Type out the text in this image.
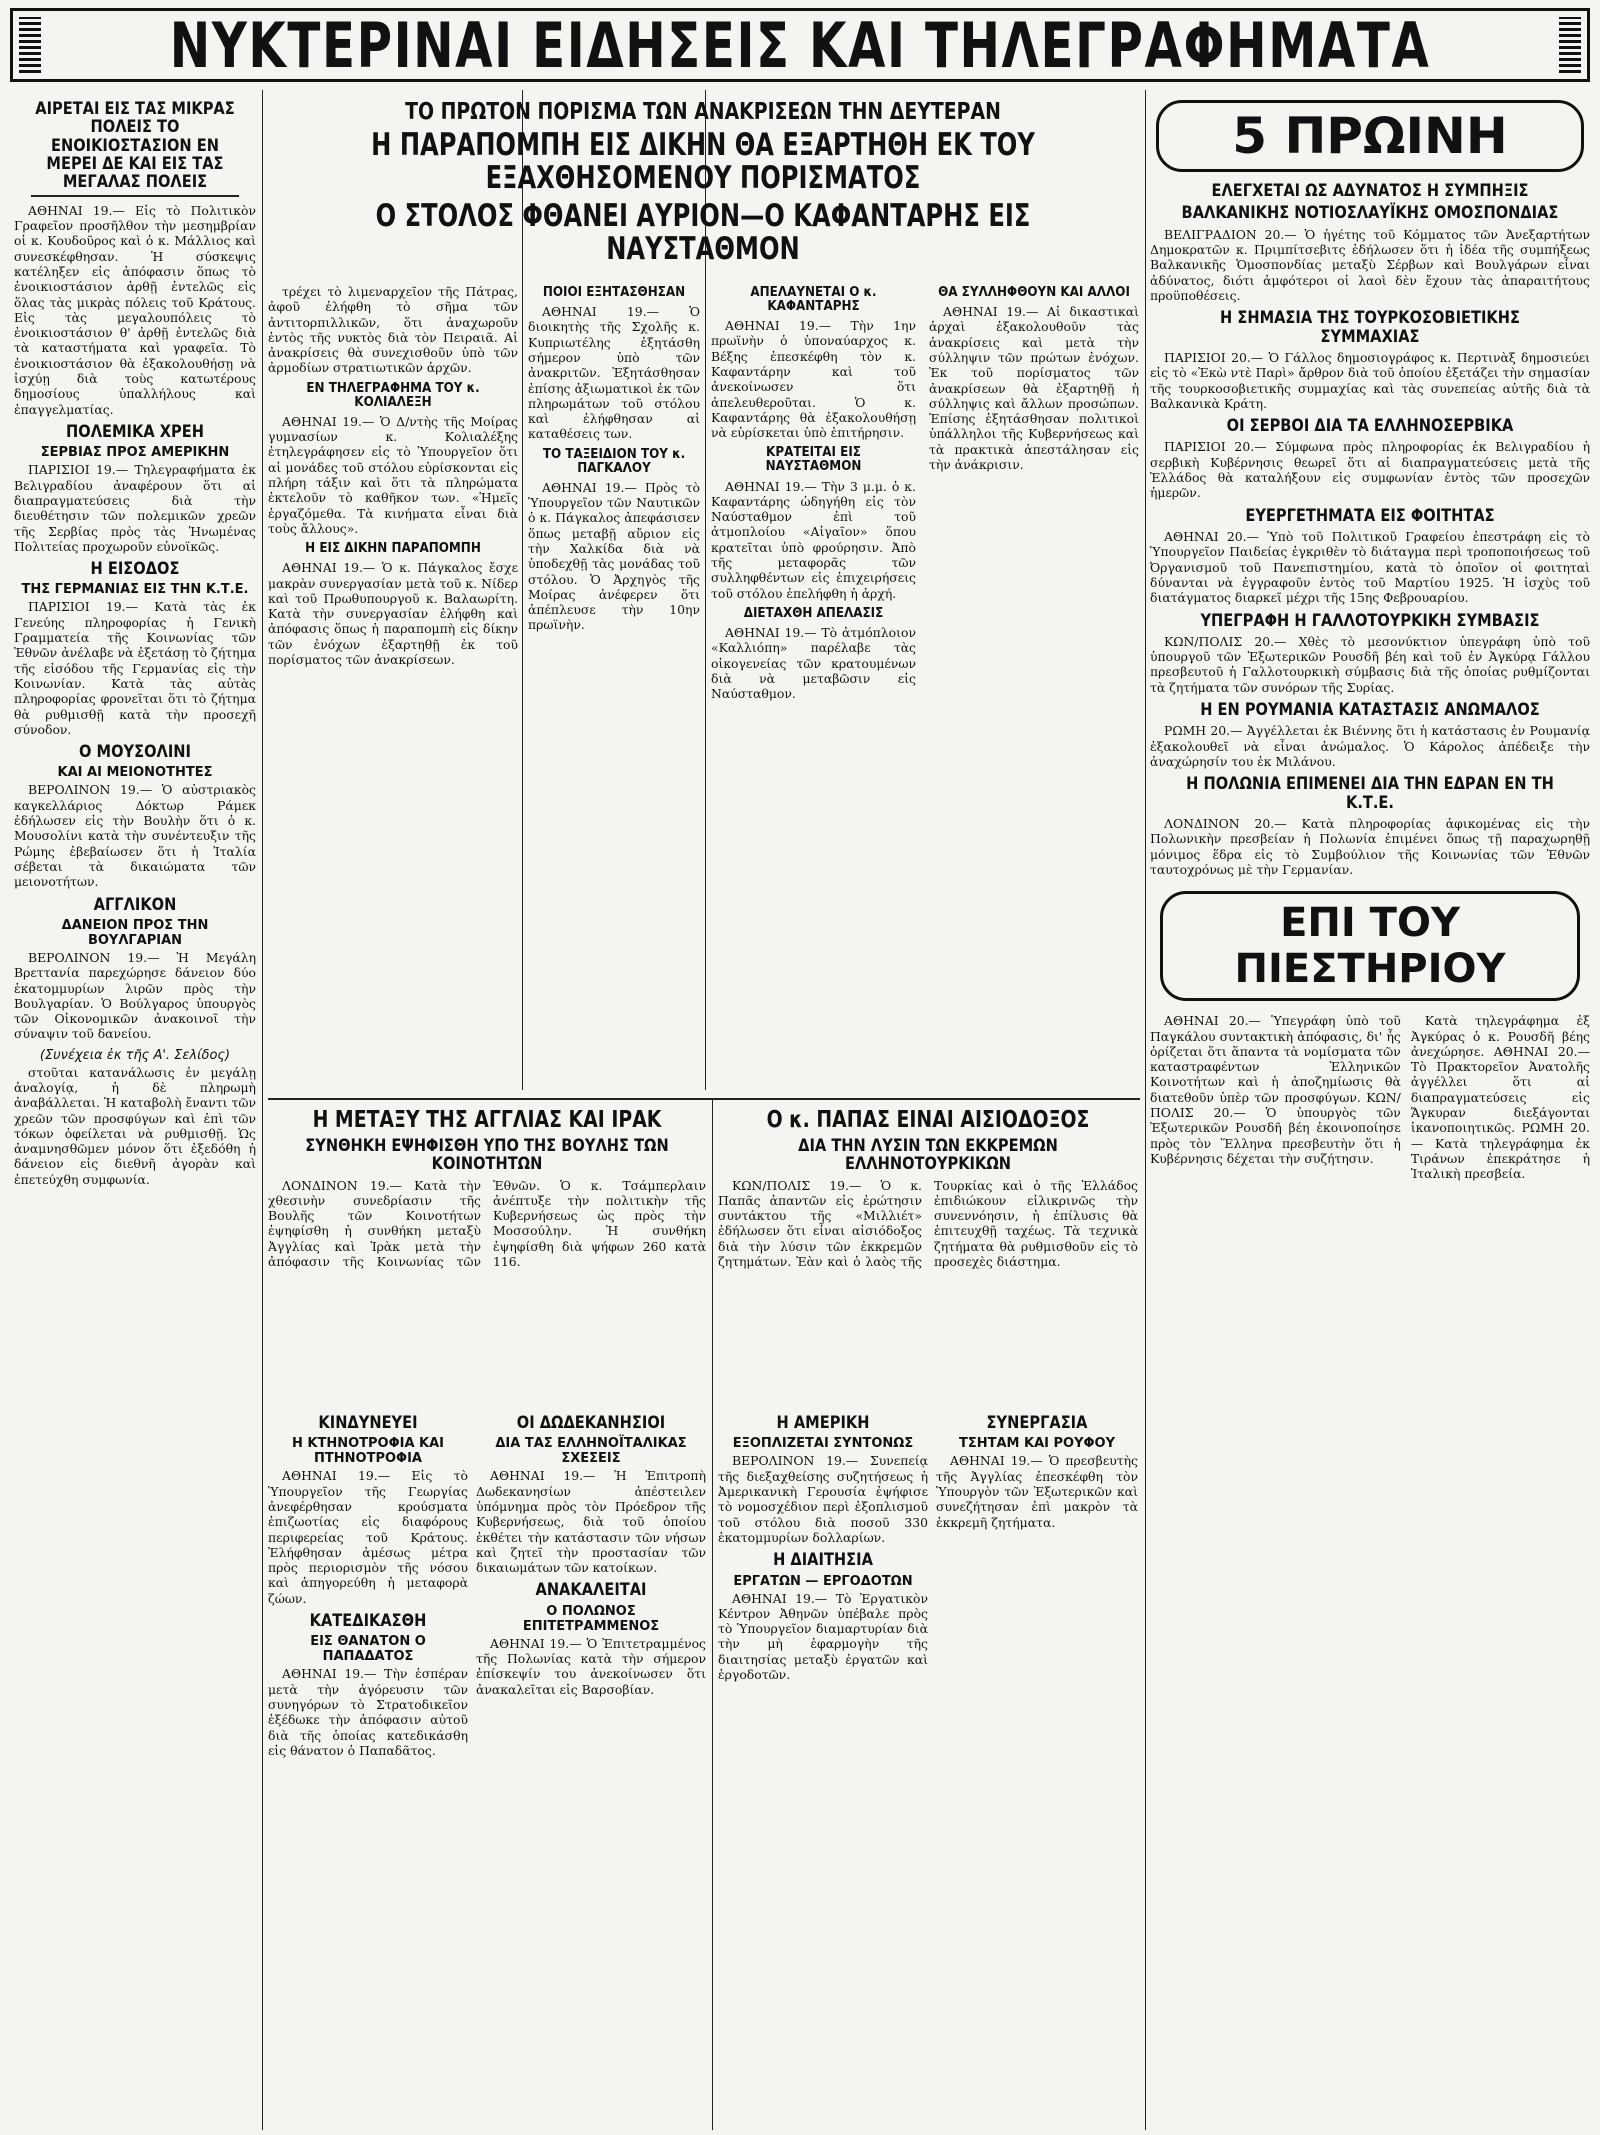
ΝΥΚΤΕΡΙΝΑΙ ΕΙΔΗΣΕΙΣ ΚΑΙ ΤΗΛΕΓΡΑΦΗΜΑΤΑ
ΑΙΡΕΤΑΙ ΕΙΣ ΤΑΣ ΜΙΚΡΑΣ ΠΟΛΕΙΣ ΤΟ ΕΝΟΙΚΙΟΣΤΑΣΙΟΝ ΕΝ ΜΕΡΕΙ ΔΕ ΚΑΙ ΕΙΣ ΤΑΣ ΜΕΓΑΛΑΣ ΠΟΛΕΙΣ

ΑΘΗΝΑΙ 19.— Εἰς τὸ Πολιτικὸν Γραφεῖον προσῆλθον τὴν μεσημβρίαν οἱ κ. Κουδοῦρος καὶ ὁ κ. Μάλλιος καὶ συνεσκέφθησαν. Ἡ σύσκεψις κατέληξεν εἰς ἀπόφασιν ὅπως τὸ ἐνοικιοστάσιον ἀρθῇ ἐντελῶς εἰς ὅλας τὰς μικρὰς πόλεις τοῦ Κράτους. Εἰς τὰς μεγαλουπόλεις τὸ ἐνοικιοστάσιον θ' ἀρθῇ ἐντελῶς διὰ τὰ καταστήματα καὶ γραφεῖα. Τὸ ἐνοικιοστάσιον θὰ ἐξακολουθήσῃ νὰ ἰσχύῃ διὰ τοὺς κατωτέρους δημοσίους ὑπαλλήλους καὶ ἐπαγγελματίας.

ΠΟΛΕΜΙΚΑ ΧΡΕΗ
ΣΕΡΒΙΑΣ ΠΡΟΣ ΑΜΕΡΙΚΗΝ

ΠΑΡΙΣΙΟΙ 19.— Τηλεγραφήματα ἐκ Βελιγραδίου ἀναφέρουν ὅτι αἱ διαπραγματεύσεις διὰ τὴν διευθέτησιν τῶν πολεμικῶν χρεῶν τῆς Σερβίας πρὸς τὰς Ἡνωμένας Πολιτείας προχωροῦν εὐνοϊκῶς.

Η ΕΙΣΟΔΟΣ
ΤΗΣ ΓΕΡΜΑΝΙΑΣ ΕΙΣ ΤΗΝ Κ.Τ.Ε.

ΠΑΡΙΣΙΟΙ 19.— Κατὰ τὰς ἐκ Γενεύης πληροφορίας ἡ Γενικὴ Γραμματεία τῆς Κοινωνίας τῶν Ἐθνῶν ἀνέλαβε νὰ ἐξετάσῃ τὸ ζήτημα τῆς εἰσόδου τῆς Γερμανίας εἰς τὴν Κοινωνίαν. Κατὰ τὰς αὐτὰς πληροφορίας φρονεῖται ὅτι τὸ ζήτημα θὰ ρυθμισθῇ κατὰ τὴν προσεχῆ σύνοδον.

Ο ΜΟΥΣΟΛΙΝΙ
ΚΑΙ ΑΙ ΜΕΙΟΝΟΤΗΤΕΣ

ΒΕΡΟΛΙΝΟΝ 19.— Ὁ αὐστριακὸς καγκελλάριος Δόκτωρ Ράμεκ ἐδήλωσεν εἰς τὴν Βουλὴν ὅτι ὁ κ. Μουσολίνι κατὰ τὴν συνέντευξιν τῆς Ρώμης ἐβεβαίωσεν ὅτι ἡ Ἰταλία σέβεται τὰ δικαιώματα τῶν μειονοτήτων.

ΑΓΓΛΙΚΟΝ
ΔΑΝΕΙΟΝ ΠΡΟΣ ΤΗΝ ΒΟΥΛΓΑΡΙΑΝ

ΒΕΡΟΛΙΝΟΝ 19.— Ἡ Μεγάλη Βρεττανία παρεχώρησε δάνειον δύο ἑκατομμυρίων λιρῶν πρὸς τὴν Βουλγαρίαν. Ὁ Βούλγαρος ὑπουργὸς τῶν Οἰκονομικῶν ἀνακοινοῖ τὴν σύναψιν τοῦ δανείου.

(Συνέχεια ἐκ τῆς Α'. Σελίδος)

στοῦται κατανάλωσις ἐν μεγάλῃ ἀναλογίᾳ, ἡ δὲ πληρωμὴ ἀναβάλλεται. Ἡ καταβολὴ ἔναντι τῶν χρεῶν τῶν προσφύγων καὶ ἐπὶ τῶν τόκων ὀφείλεται νὰ ρυθμισθῇ. Ὡς ἀναμνησθῶμεν μόνον ὅτι ἐξεδόθη ἡ δάνειον εἰς διεθνῆ ἀγορὰν καὶ ἐπετεύχθη συμφωνία.

ΤΟ ΠΡΩΤΟΝ ΠΟΡΙΣΜΑ ΤΩΝ ΑΝΑΚΡΙΣΕΩΝ ΤΗΝ ΔΕΥΤΕΡΑΝ
Η ΠΑΡΑΠΟΜΠΗ ΕΙΣ ΔΙΚΗΝ ΘΑ ΕΞΑΡΤΗΘΗ ΕΚ ΤΟΥ ΕΞΑΧΘΗΣΟΜΕΝΟΥ ΠΟΡΙΣΜΑΤΟΣ
Ο ΣΤΟΛΟΣ ΦΘΑΝΕΙ ΑΥΡΙΟΝ—Ο ΚΑΦΑΝΤΑΡΗΣ ΕΙΣ ΝΑΥΣΤΑΘΜΟΝ

τρέχει τὸ λιμεναρχεῖον τῆς Πάτρας, ἀφοῦ ἐλήφθη τὸ σῆμα τῶν ἀντιτορπιλλικῶν, ὅτι ἀναχωροῦν ἐντὸς τῆς νυκτὸς διὰ τὸν Πειραιᾶ. Αἱ ἀνακρίσεις θὰ συνεχισθοῦν ὑπὸ τῶν ἀρμοδίων στρατιωτικῶν ἀρχῶν.

ΕΝ ΤΗΛΕΓΡΑΦΗΜΑ ΤΟΥ κ. ΚΟΛΙΑΛΕΞΗ

ΑΘΗΝΑΙ 19.— Ὁ Δ/ντὴς τῆς Μοίρας γυμνασίων κ. Κολιαλέξης ἐτηλεγράφησεν εἰς τὸ Ὑπουργεῖον ὅτι αἱ μονάδες τοῦ στόλου εὑρίσκονται εἰς πλήρη τάξιν καὶ ὅτι τὰ πληρώματα ἐκτελοῦν τὸ καθῆκον των. «Ἡμεῖς ἐργαζόμεθα. Τὰ κινήματα εἶναι διὰ τοὺς ἄλλους».

Η ΕΙΣ ΔΙΚΗΝ ΠΑΡΑΠΟΜΠΗ

ΑΘΗΝΑΙ 19.— Ὁ κ. Πάγκαλος ἔσχε μακρὰν συνεργασίαν μετὰ τοῦ κ. Νίδερ καὶ τοῦ Πρωθυπουργοῦ κ. Βαλαωρίτη. Κατὰ τὴν συνεργασίαν ἐλήφθη καὶ ἀπόφασις ὅπως ἡ παραπομπὴ εἰς δίκην τῶν ἐνόχων ἐξαρτηθῇ ἐκ τοῦ πορίσματος τῶν ἀνακρίσεων.

ΠΟΙΟΙ ΕΞΗΤΑΣΘΗΣΑΝ

ΑΘΗΝΑΙ 19.— Ὁ διοικητὴς τῆς Σχολῆς κ. Κυπριωτέλης ἐξητάσθη σήμερον ὑπὸ τῶν ἀνακριτῶν. Ἐξητάσθησαν ἐπίσης ἀξιωματικοὶ ἐκ τῶν πληρωμάτων τοῦ στόλου καὶ ἐλήφθησαν αἱ καταθέσεις των.

ΤΟ ΤΑΞΕΙΔΙΟΝ ΤΟΥ κ. ΠΑΓΚΑΛΟΥ

ΑΘΗΝΑΙ 19.— Πρὸς τὸ Ὑπουργεῖον τῶν Ναυτικῶν ὁ κ. Πάγκαλος ἀπεφάσισεν ὅπως μεταβῇ αὔριον εἰς τὴν Χαλκίδα διὰ νὰ ὑποδεχθῇ τὰς μονάδας τοῦ στόλου. Ὁ Ἀρχηγὸς τῆς Μοίρας ἀνέφερεν ὅτι ἀπέπλευσε τὴν 10ην πρωϊνὴν.

ΑΠΕΛΑΥΝΕΤΑΙ Ο κ. ΚΑΦΑΝΤΑΡΗΣ

ΑΘΗΝΑΙ 19.— Τὴν 1ην πρωϊνὴν ὁ ὑποναύαρχος κ. Βέξης ἐπεσκέφθη τὸν κ. Καφαντάρην καὶ τοῦ ἀνεκοίνωσεν ὅτι ἀπελευθεροῦται. Ὁ κ. Καφαντάρης θὰ ἐξακολουθήσῃ νὰ εὑρίσκεται ὑπὸ ἐπιτήρησιν.

ΚΡΑΤΕΙΤΑΙ ΕΙΣ ΝΑΥΣΤΑΘΜΟΝ

ΑΘΗΝΑΙ 19.— Τὴν 3 μ.μ. ὁ κ. Καφαντάρης ὡδηγήθη εἰς τὸν Ναύσταθμον ἐπὶ τοῦ ἀτμοπλοίου «Αἰγαῖον» ὅπου κρατεῖται ὑπὸ φρούρησιν. Ἀπὸ τῆς μεταφορᾶς τῶν συλληφθέντων εἰς ἐπιχειρήσεις τοῦ στόλου ἐπελήφθη ἡ ἀρχή.

ΔΙΕΤΑΧΘΗ ΑΠΕΛΑΣΙΣ

ΑΘΗΝΑΙ 19.— Τὸ ἀτμόπλοιον «Καλλιόπη» παρέλαβε τὰς οἰκογενείας τῶν κρατουμένων διὰ νὰ μεταβῶσιν εἰς Ναύσταθμον.

ΘΑ ΣΥΛΛΗΦΘΟΥΝ ΚΑΙ ΑΛΛΟΙ

ΑΘΗΝΑΙ 19.— Αἱ δικαστικαὶ ἀρχαὶ ἐξακολουθοῦν τὰς ἀνακρίσεις καὶ μετὰ τὴν σύλληψιν τῶν πρώτων ἐνόχων. Ἐκ τοῦ πορίσματος τῶν ἀνακρίσεων θὰ ἐξαρτηθῇ ἡ σύλληψις καὶ ἄλλων προσώπων. Ἐπίσης ἐξητάσθησαν πολιτικοὶ ὑπάλληλοι τῆς Κυβερνήσεως καὶ τὰ πρακτικὰ ἀπεστάλησαν εἰς τὴν ἀνάκρισιν.

Η ΜΕΤΑΞΥ ΤΗΣ ΑΓΓΛΙΑΣ ΚΑΙ ΙΡΑΚ
ΣΥΝΘΗΚΗ ΕΨΗΦΙΣΘΗ ΥΠΟ ΤΗΣ ΒΟΥΛΗΣ ΤΩΝ ΚΟΙΝΟΤΗΤΩΝ

ΛΟΝΔΙΝΟΝ 19.— Κατὰ τὴν χθεσινὴν συνεδρίασιν τῆς Βουλῆς τῶν Κοινοτήτων ἐψηφίσθη ἡ συνθήκη μεταξὺ Ἀγγλίας καὶ Ἰρὰκ μετὰ τὴν ἀπόφασιν τῆς Κοινωνίας τῶν Ἐθνῶν. Ὁ κ. Τσάμπερλαιν ἀνέπτυξε τὴν πολιτικὴν τῆς Κυβερνήσεως ὡς πρὸς τὴν Μοσσούλην. Ἡ συνθήκη ἐψηφίσθη διὰ ψήφων 260 κατὰ 116.

Ο κ. ΠΑΠΑΣ ΕΙΝΑΙ ΑΙΣΙΟΔΟΞΟΣ
ΔΙΑ ΤΗΝ ΛΥΣΙΝ ΤΩΝ ΕΚΚΡΕΜΩΝ ΕΛΛΗΝΟΤΟΥΡΚΙΚΩΝ

ΚΩΝ/ΠΟΛΙΣ 19.— Ὁ κ. Παπᾶς ἀπαντῶν εἰς ἐρώτησιν συντάκτου τῆς «Μιλλιέτ» ἐδήλωσεν ὅτι εἶναι αἰσιόδοξος διὰ τὴν λύσιν τῶν ἐκκρεμῶν ζητημάτων. Ἐὰν καὶ ὁ λαὸς τῆς Τουρκίας καὶ ὁ τῆς Ἑλλάδος ἐπιδιώκουν εἰλικρινῶς τὴν συνεννόησιν, ἡ ἐπίλυσις θὰ ἐπιτευχθῇ ταχέως. Τὰ τεχνικὰ ζητήματα θὰ ρυθμισθοῦν εἰς τὸ προσεχὲς διάστημα.

ΚΙΝΔΥΝΕΥΕΙ
Η ΚΤΗΝΟΤΡΟΦΙΑ ΚΑΙ ΠΤΗΝΟΤΡΟΦΙΑ

ΑΘΗΝΑΙ 19.— Εἰς τὸ Ὑπουργεῖον τῆς Γεωργίας ἀνεφέρθησαν κρούσματα ἐπιζωοτίας εἰς διαφόρους περιφερείας τοῦ Κράτους. Ἐλήφθησαν ἀμέσως μέτρα πρὸς περιορισμὸν τῆς νόσου καὶ ἀπηγορεύθη ἡ μεταφορὰ ζώων.

ΚΑΤΕΔΙΚΑΣΘΗ
ΕΙΣ ΘΑΝΑΤΟΝ Ο ΠΑΠΑΔΑΤΟΣ

ΑΘΗΝΑΙ 19.— Τὴν ἑσπέραν μετὰ τὴν ἀγόρευσιν τῶν συνηγόρων τὸ Στρατοδικεῖον ἐξέδωκε τὴν ἀπόφασιν αὐτοῦ διὰ τῆς ὁποίας κατεδικάσθη εἰς θάνατον ὁ Παπαδᾶτος.

ΟΙ ΔΩΔΕΚΑΝΗΣΙΟΙ
ΔΙΑ ΤΑΣ ΕΛΛΗΝΟΪΤΑΛΙΚΑΣ ΣΧΕΣΕΙΣ

ΑΘΗΝΑΙ 19.— Ἡ Ἐπιτροπὴ Δωδεκανησίων ἀπέστειλεν ὑπόμνημα πρὸς τὸν Πρόεδρον τῆς Κυβερνήσεως, διὰ τοῦ ὁποίου ἐκθέτει τὴν κατάστασιν τῶν νήσων καὶ ζητεῖ τὴν προστασίαν τῶν δικαιωμάτων τῶν κατοίκων.

ΑΝΑΚΑΛΕΙΤΑΙ
Ο ΠΟΛΩΝΟΣ ΕΠΙΤΕΤΡΑΜΜΕΝΟΣ

ΑΘΗΝΑΙ 19.— Ὁ Ἐπιτετραμμένος τῆς Πολωνίας κατὰ τὴν σήμερον ἐπίσκεψίν του ἀνεκοίνωσεν ὅτι ἀνακαλεῖται εἰς Βαρσοβίαν.

Η ΑΜΕΡΙΚΗ
ΕΞΟΠΛΙΖΕΤΑΙ ΣΥΝΤΟΝΩΣ

ΒΕΡΟΛΙΝΟΝ 19.— Συνεπείᾳ τῆς διεξαχθείσης συζητήσεως ἡ Ἀμερικανικὴ Γερουσία ἐψήφισε τὸ νομοσχέδιον περὶ ἐξοπλισμοῦ τοῦ στόλου διὰ ποσοῦ 330 ἑκατομμυρίων δολλαρίων.

Η ΔΙΑΙΤΗΣΙΑ
ΕΡΓΑΤΩΝ — ΕΡΓΟΔΟΤΩΝ

ΑΘΗΝΑΙ 19.— Τὸ Ἐργατικὸν Κέντρον Ἀθηνῶν ὑπέβαλε πρὸς τὸ Ὑπουργεῖον διαμαρτυρίαν διὰ τὴν μὴ ἐφαρμογὴν τῆς διαιτησίας μεταξὺ ἐργατῶν καὶ ἐργοδοτῶν.

ΣΥΝΕΡΓΑΣΙΑ
ΤΣΗΤΑΜ ΚΑΙ ΡΟΥΦΟΥ

ΑΘΗΝΑΙ 19.— Ὁ πρεσβευτὴς τῆς Ἀγγλίας ἐπεσκέφθη τὸν Ὑπουργὸν τῶν Ἐξωτερικῶν καὶ συνεζήτησαν ἐπὶ μακρὸν τὰ ἐκκρεμῆ ζητήματα.

5 ΠΡΩΙΝΗ
ΕΛΕΓΧΕΤΑΙ ΩΣ ΑΔΥΝΑΤΟΣ Η ΣΥΜΠΗΞΙΣ
ΒΑΛΚΑΝΙΚΗΣ ΝΟΤΙΟΣΛΑΥΪΚΗΣ ΟΜΟΣΠΟΝΔΙΑΣ

ΒΕΛΙΓΡΑΔΙΟΝ 20.— Ὁ ἡγέτης τοῦ Κόμματος τῶν Ἀνεξαρτήτων Δημοκρατῶν κ. Πριμπίτσεβιτς ἐδήλωσεν ὅτι ἡ ἰδέα τῆς συμπήξεως Βαλκανικῆς Ὁμοσπονδίας μεταξὺ Σέρβων καὶ Βουλγάρων εἶναι ἀδύνατος, διότι ἀμφότεροι οἱ λαοὶ δὲν ἔχουν τὰς ἀπαραιτήτους προϋποθέσεις.

Η ΣΗΜΑΣΙΑ ΤΗΣ ΤΟΥΡΚΟΣΟΒΙΕΤΙΚΗΣ ΣΥΜΜΑΧΙΑΣ

ΠΑΡΙΣΙΟΙ 20.— Ὁ Γάλλος δημοσιογράφος κ. Περτινὰξ δημοσιεύει εἰς τὸ «Ἐκὼ ντὲ Παρὶ» ἄρθρον διὰ τοῦ ὁποίου ἐξετάζει τὴν σημασίαν τῆς τουρκοσοβιετικῆς συμμαχίας καὶ τὰς συνεπείας αὐτῆς διὰ τὰ Βαλκανικὰ Κράτη.

ΟΙ ΣΕΡΒΟΙ ΔΙΑ ΤΑ ΕΛΛΗΝΟΣΕΡΒΙΚΑ

ΠΑΡΙΣΙΟΙ 20.— Σύμφωνα πρὸς πληροφορίας ἐκ Βελιγραδίου ἡ σερβικὴ Κυβέρνησις θεωρεῖ ὅτι αἱ διαπραγματεύσεις μετὰ τῆς Ἑλλάδος θὰ καταλήξουν εἰς συμφωνίαν ἐντὸς τῶν προσεχῶν ἡμερῶν.

ΕΥΕΡΓΕΤΗΜΑΤΑ ΕΙΣ ΦΟΙΤΗΤΑΣ

ΑΘΗΝΑΙ 20.— Ὑπὸ τοῦ Πολιτικοῦ Γραφείου ἐπεστράφη εἰς τὸ Ὑπουργεῖον Παιδείας ἐγκριθὲν τὸ διάταγμα περὶ τροποποιήσεως τοῦ Ὀργανισμοῦ τοῦ Πανεπιστημίου, κατὰ τὸ ὁποῖον οἱ φοιτηταὶ δύνανται νὰ ἐγγραφοῦν ἐντὸς τοῦ Μαρτίου 1925. Ἡ ἰσχὺς τοῦ διατάγματος διαρκεῖ μέχρι τῆς 15ης Φεβρουαρίου.

ΥΠΕΓΡΑΦΗ Η ΓΑΛΛΟΤΟΥΡΚΙΚΗ ΣΥΜΒΑΣΙΣ

ΚΩΝ/ΠΟΛΙΣ 20.— Χθὲς τὸ μεσονύκτιον ὑπεγράφη ὑπὸ τοῦ ὑπουργοῦ τῶν Ἐξωτερικῶν Ρουσδῆ βέη καὶ τοῦ ἐν Ἀγκύρᾳ Γάλλου πρεσβευτοῦ ἡ Γαλλοτουρκικὴ σύμβασις διὰ τῆς ὁποίας ρυθμίζονται τὰ ζητήματα τῶν συνόρων τῆς Συρίας.

Η ΕΝ ΡΟΥΜΑΝΙΑ ΚΑΤΑΣΤΑΣΙΣ ΑΝΩΜΑΛΟΣ

ΡΩΜΗ 20.— Ἀγγέλλεται ἐκ Βιέννης ὅτι ἡ κατάστασις ἐν Ρουμανίᾳ ἐξακολουθεῖ νὰ εἶναι ἀνώμαλος. Ὁ Κάρολος ἀπέδειξε τὴν ἀναχώρησίν του ἐκ Μιλάνου.

Η ΠΟΛΩΝΙΑ ΕΠΙΜΕΝΕΙ ΔΙΑ ΤΗΝ ΕΔΡΑΝ ΕΝ ΤΗ Κ.Τ.Ε.

ΛΟΝΔΙΝΟΝ 20.— Κατὰ πληροφορίας ἀφικομένας εἰς τὴν Πολωνικὴν πρεσβείαν ἡ Πολωνία ἐπιμένει ὅπως τῇ παραχωρηθῇ μόνιμος ἕδρα εἰς τὸ Συμβούλιον τῆς Κοινωνίας τῶν Ἐθνῶν ταυτοχρόνως μὲ τὴν Γερμανίαν.

ΕΠΙ ΤΟΥ ΠΙΕΣΤΗΡΙΟΥ

ΑΘΗΝΑΙ 20.— Ὑπεγράφη ὑπὸ τοῦ Παγκάλου συντακτικὴ ἀπόφασις, δι' ἧς ὁρίζεται ὅτι ἅπαντα τὰ νομίσματα τῶν καταστραφέντων Ἑλληνικῶν Κοινοτήτων καὶ ἡ ἀποζημίωσις θὰ διατεθοῦν ὑπὲρ τῶν προσφύγων. ΚΩΝ/ΠΟΛΙΣ 20.— Ὁ ὑπουργὸς τῶν Ἐξωτερικῶν Ρουσδῆ βέη ἐκοινοποίησε πρὸς τὸν Ἕλληνα πρεσβευτὴν ὅτι ἡ Κυβέρνησις δέχεται τὴν συζήτησιν.

Κατὰ τηλεγράφημα ἐξ Ἀγκύρας ὁ κ. Ρουσδῆ βέης ἀνεχώρησε. ΑΘΗΝΑΙ 20.— Τὸ Πρακτορεῖον Ἀνατολῆς ἀγγέλλει ὅτι αἱ διαπραγματεύσεις εἰς Ἄγκυραν διεξάγονται ἱκανοποιητικῶς. ΡΩΜΗ 20.— Κατὰ τηλεγράφημα ἐκ Τιράνων ἐπεκράτησε ἡ Ἰταλικὴ πρεσβεία.
